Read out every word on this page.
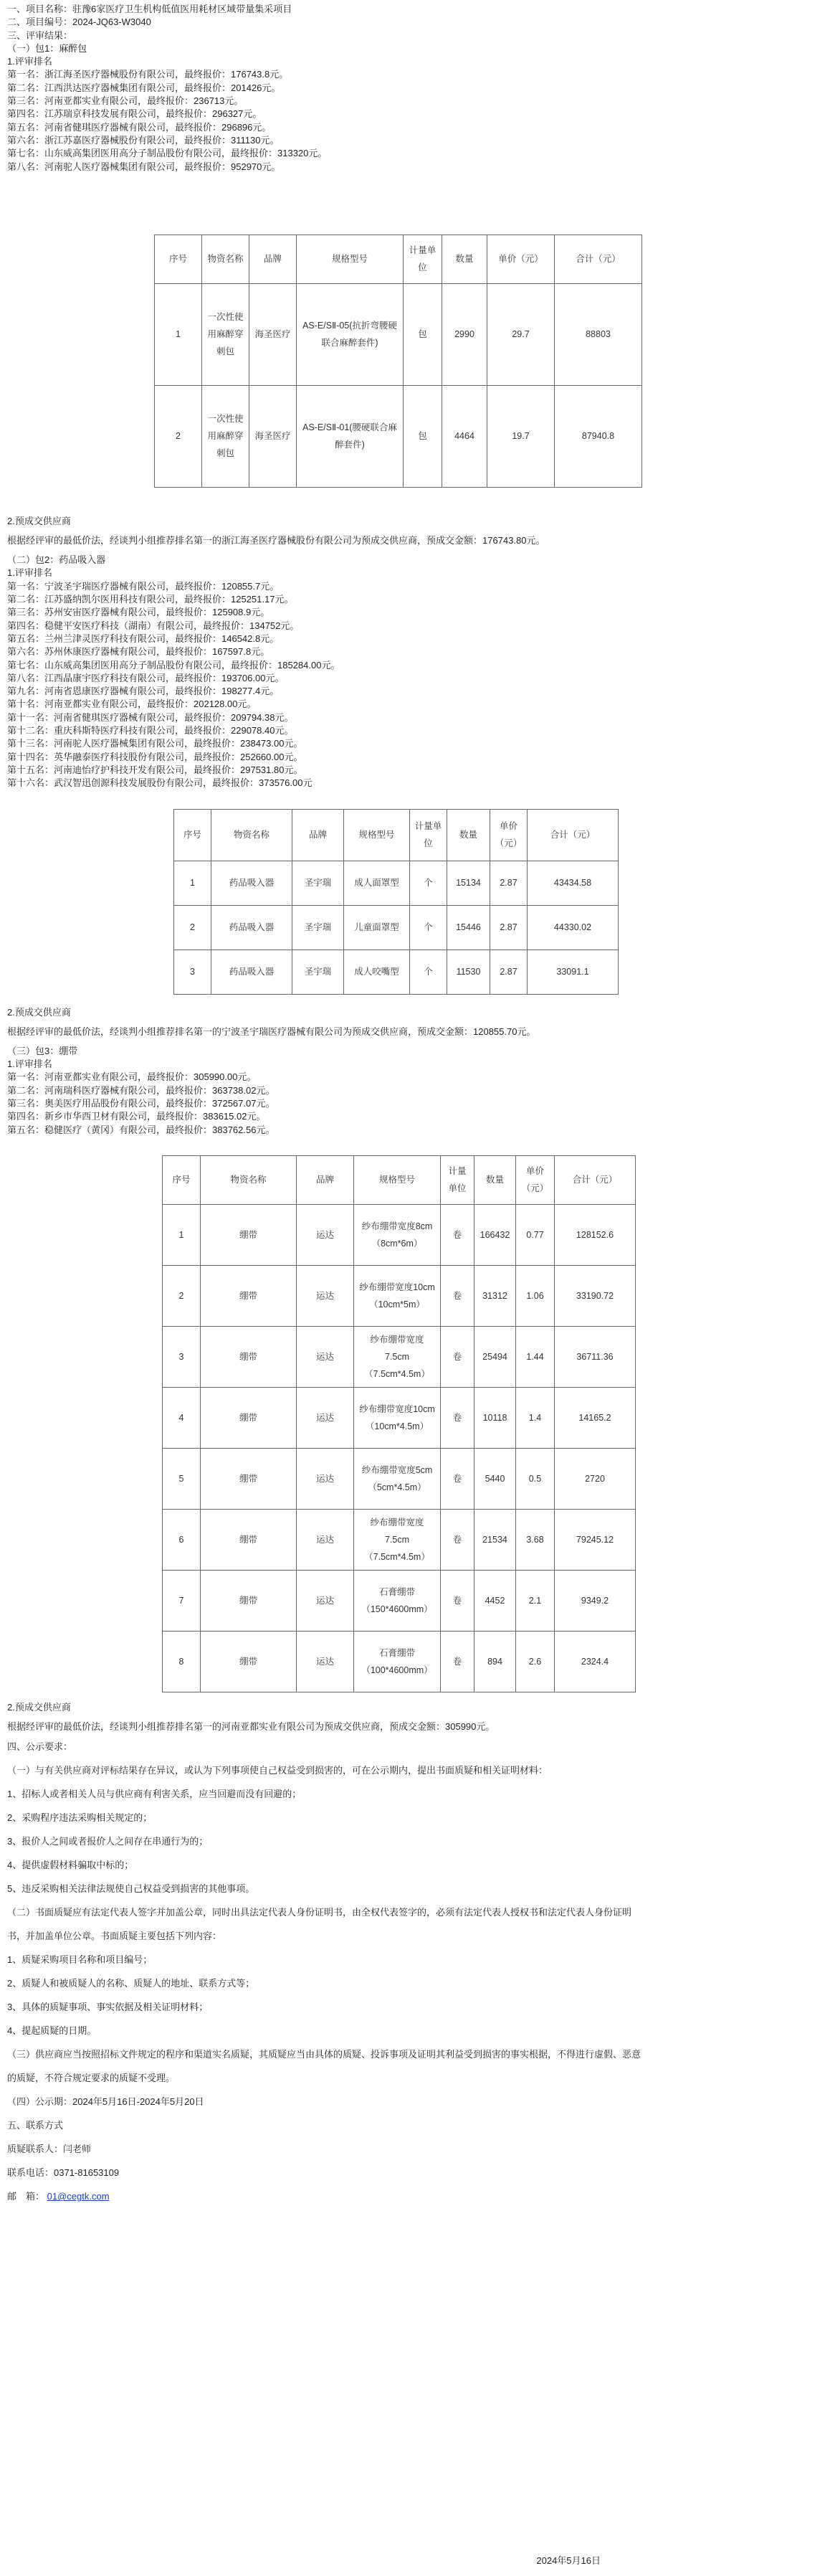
一、项目名称：驻豫6家医疗卫生机构低值医用耗材区域带量集采项目
二、项目编号：2024-JQ63-W3040
三、评审结果：
（一）包1：麻醉包
1.评审排名
第一名：浙江海圣医疗器械股份有限公司，最终报价：176743.8元。
第二名：江西洪达医疗器械集团有限公司，最终报价：201426元。
第三名：河南亚都实业有限公司，最终报价：236713元。
第四名：江苏瑞京科技发展有限公司，最终报价：296327元。
第五名：河南省健琪医疗器械有限公司，最终报价：296896元。
第六名：浙江苏嘉医疗器械股份有限公司，最终报价：311130元。
第七名：山东威高集团医用高分子制品股份有限公司，最终报价：313320元。
第八名：河南驼人医疗器械集团有限公司，最终报价：952970元。
序号	物资名称	品牌	规格型号	计量单位	数量	单价（元）	合计（元）
1	一次性使用麻醉穿刺包	海圣医疗	AS-E/SⅡ-05(抗折弯腰硬联合麻醉套件)	包	2990	29.7	88803
2	一次性使用麻醉穿刺包	海圣医疗	AS-E/SⅡ-01(腰硬联合麻醉套件)	包	4464	19.7	87940.8
2.预成交供应商
根据经评审的最低价法，经谈判小组推荐排名第一的浙江海圣医疗器械股份有限公司为预成交供应商，预成交金额：176743.80元。
（二）包2：药品吸入器
1.评审排名
第一名：宁波圣宇瑞医疗器械有限公司，最终报价：120855.7元。
第二名：江苏盛纳凯尔医用科技有限公司，最终报价：125251.17元。
第三名：苏州安宙医疗器械有限公司，最终报价：125908.9元。
第四名：稳健平安医疗科技（湖南）有限公司，最终报价：134752元。
第五名：兰州兰津灵医疗科技有限公司，最终报价：146542.8元。
第六名：苏州休康医疗器械有限公司，最终报价：167597.8元。
第七名：山东威高集团医用高分子制品股份有限公司，最终报价：185284.00元。
第八名：江西晶康宇医疗科技有限公司，最终报价：193706.00元。
第九名：河南省恩康医疗器械有限公司，最终报价：198277.4元。
第十名：河南亚都实业有限公司，最终报价：202128.00元。
第十一名：河南省健琪医疗器械有限公司，最终报价：209794.38元。
第十二名：重庆科斯特医疗科技有限公司，最终报价：229078.40元。
第十三名：河南驼人医疗器械集团有限公司，最终报价：238473.00元。
第十四名：英华融泰医疗科技股份有限公司，最终报价：252660.00元。
第十五名：河南迪怡疗护科技开发有限公司，最终报价：297531.80元。
第十六名：武汉智迅创源科技发展股份有限公司，最终报价：373576.00元
序号	物资名称	品牌	规格型号	计量单位	数量	单价（元）	合计（元）
1	药品吸入器	圣宇瑞	成人面罩型	个	15134	2.87	43434.58
2	药品吸入器	圣宇瑞	儿童面罩型	个	15446	2.87	44330.02
3	药品吸入器	圣宇瑞	成人咬嘴型	个	11530	2.87	33091.1
2.预成交供应商
根据经评审的最低价法，经谈判小组推荐排名第一的宁波圣宇瑞医疗器械有限公司为预成交供应商，预成交金额：120855.70元。
（三）包3：绷带
1.评审排名
第一名：河南亚都实业有限公司，最终报价：305990.00元。
第二名：河南瑞科医疗器械有限公司，最终报价：363738.02元。
第三名：奥美医疗用品股份有限公司，最终报价：372567.07元。
第四名：新乡市华西卫材有限公司，最终报价：383615.02元。
第五名：稳健医疗（黄冈）有限公司，最终报价：383762.56元。
序号	物资名称	品牌	规格型号	计量单位	数量	单价（元）	合计（元）
1	绷带	运达	纱布绷带宽度8cm（8cm*6m）	卷	166432	0.77	128152.6
2	绷带	运达	纱布绷带宽度10cm（10cm*5m）	卷	31312	1.06	33190.72
3	绷带	运达	纱布绷带宽度7.5cm（7.5cm*4.5m）	卷	25494	1.44	36711.36
4	绷带	运达	纱布绷带宽度10cm（10cm*4.5m）	卷	10118	1.4	14165.2
5	绷带	运达	纱布绷带宽度5cm（5cm*4.5m）	卷	5440	0.5	2720
6	绷带	运达	纱布绷带宽度7.5cm（7.5cm*4.5m）	卷	21534	3.68	79245.12
7	绷带	运达	石膏绷带（150*4600mm）	卷	4452	2.1	9349.2
8	绷带	运达	石膏绷带（100*4600mm）	卷	894	2.6	2324.4
2.预成交供应商
根据经评审的最低价法，经谈判小组推荐排名第一的河南亚都实业有限公司为预成交供应商，预成交金额：305990元。
四、公示要求：
（一）与有关供应商对评标结果存在异议，或认为下列事项使自己权益受到损害的，可在公示期内，提出书面质疑和相关证明材料：
1、招标人或者相关人员与供应商有利害关系，应当回避而没有回避的；
2、采购程序违法采购相关规定的；
3、报价人之间或者报价人之间存在串通行为的；
4、提供虚假材料骗取中标的；
5、违反采购相关法律法规使自己权益受到损害的其他事项。
（二）书面质疑应有法定代表人签字并加盖公章，同时出具法定代表人身份证明书，由全权代表签字的，必须有法定代表人授权书和法定代表人身份证明
书，并加盖单位公章。书面质疑主要包括下列内容：
1、质疑采购项目名称和项目编号；
2、质疑人和被质疑人的名称、质疑人的地址、联系方式等；
3、具体的质疑事项、事实依据及相关证明材料；
4、提起质疑的日期。
（三）供应商应当按照招标文件规定的程序和渠道实名质疑，其质疑应当由具体的质疑、投诉事项及证明其利益受到损害的事实根据，不得进行虚假、恶意
的质疑，不符合规定要求的质疑不受理。
（四）公示期：2024年5月16日-2024年5月20日
五、联系方式
质疑联系人：闫老师
联系电话：0371-81653109
邮　箱： 01@cegtk.com
2024年5月16日
